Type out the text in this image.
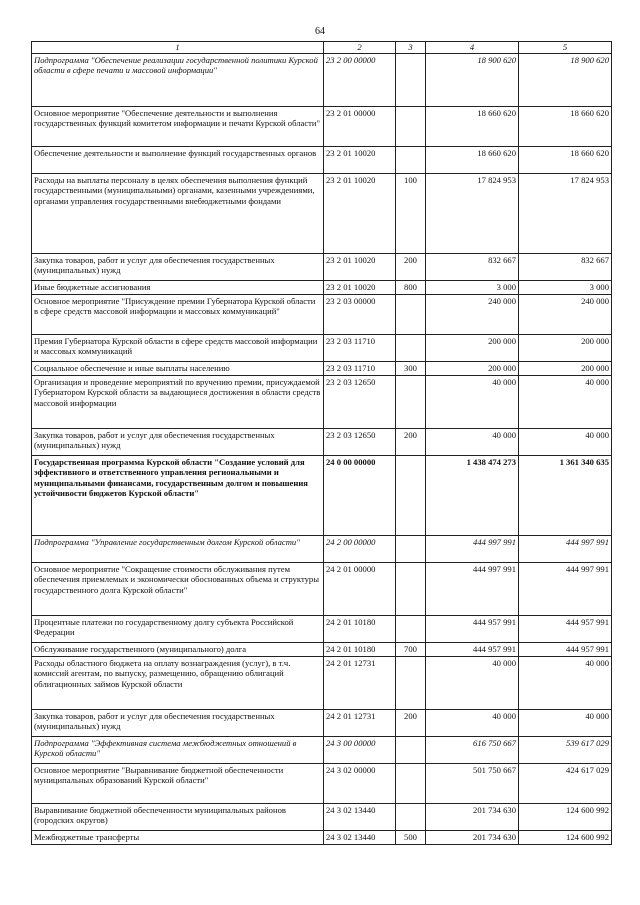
64
1	2	3	4	5
Подпрограмма "Обеспечение реализации государственной политики Курской области в сфере печати и массовой информации"	23 2 00 00000		18 900 620	18 900 620
Основное мероприятие "Обеспечение деятельности и выполнения государственных функций комитетом информации и печати Курской области"	23 2 01 00000		18 660 620	18 660 620
Обеспечение деятельности и выполнение функций государственных органов	23 2 01 10020		18 660 620	18 660 620
Расходы на выплаты персоналу в целях обеспечения выполнения функций государственными (муниципальными) органами, казенными учреждениями, органами управления государственными внебюджетными фондами	23 2 01 10020	100	17 824 953	17 824 953
Закупка товаров, работ и услуг для обеспечения государственных (муниципальных) нужд	23 2 01 10020	200	832 667	832 667
Иные бюджетные ассигнования	23 2 01 10020	800	3 000	3 000
Основное мероприятие "Присуждение премии Губернатора Курской области в сфере средств массовой информации и массовых коммуникаций"	23 2 03 00000		240 000	240 000
Премия Губернатора Курской области в сфере средств массовой информации и массовых коммуникаций	23 2 03 11710		200 000	200 000
Социальное обеспечение и иные выплаты населению	23 2 03 11710	300	200 000	200 000
Организация и проведение мероприятий по вручению премии, присуждаемой Губернатором Курской области за выдающиеся достижения в области средств массовой информации	23 2 03 12650		40 000	40 000
Закупка товаров, работ и услуг для обеспечения государственных (муниципальных) нужд	23 2 03 12650	200	40 000	40 000
Государственная программа Курской области "Создание условий для эффективного и ответственного управления региональными и муниципальными финансами, государственным долгом и повышения устойчивости бюджетов Курской области"	24 0 00 00000		1 438 474 273	1 361 340 635
Подпрограмма "Управление государственным долгом Курской области"	24 2 00 00000		444 997 991	444 997 991
Основное мероприятие "Сокращение стоимости обслуживания путем обеспечения приемлемых и экономически обоснованных объема и структуры государственного долга Курской области"	24 2 01 00000		444 997 991	444 997 991
Процентные платежи по государственному долгу субъекта Российской Федерации	24 2 01 10180		444 957 991	444 957 991
Обслуживание государственного (муниципального) долга	24 2 01 10180	700	444 957 991	444 957 991
Расходы областного бюджета на оплату вознаграждения (услуг), в т.ч. комиссий агентам, по выпуску, размещению, обращению облигаций облигационных займов Курской области	24 2 01 12731		40 000	40 000
Закупка товаров, работ и услуг для обеспечения государственных (муниципальных) нужд	24 2 01 12731	200	40 000	40 000
Подпрограмма "Эффективная система межбюджетных отношений в Курской области"	24 3 00 00000		616 750 667	539 617 029
Основное мероприятие "Выравнивание бюджетной обеспеченности муниципальных образований Курской области"	24 3 02 00000		501 750 667	424 617 029
Выравнивание бюджетной обеспеченности муниципальных районов (городских округов)	24 3 02 13440		201 734 630	124 600 992
Межбюджетные трансферты	24 3 02 13440	500	201 734 630	124 600 992
